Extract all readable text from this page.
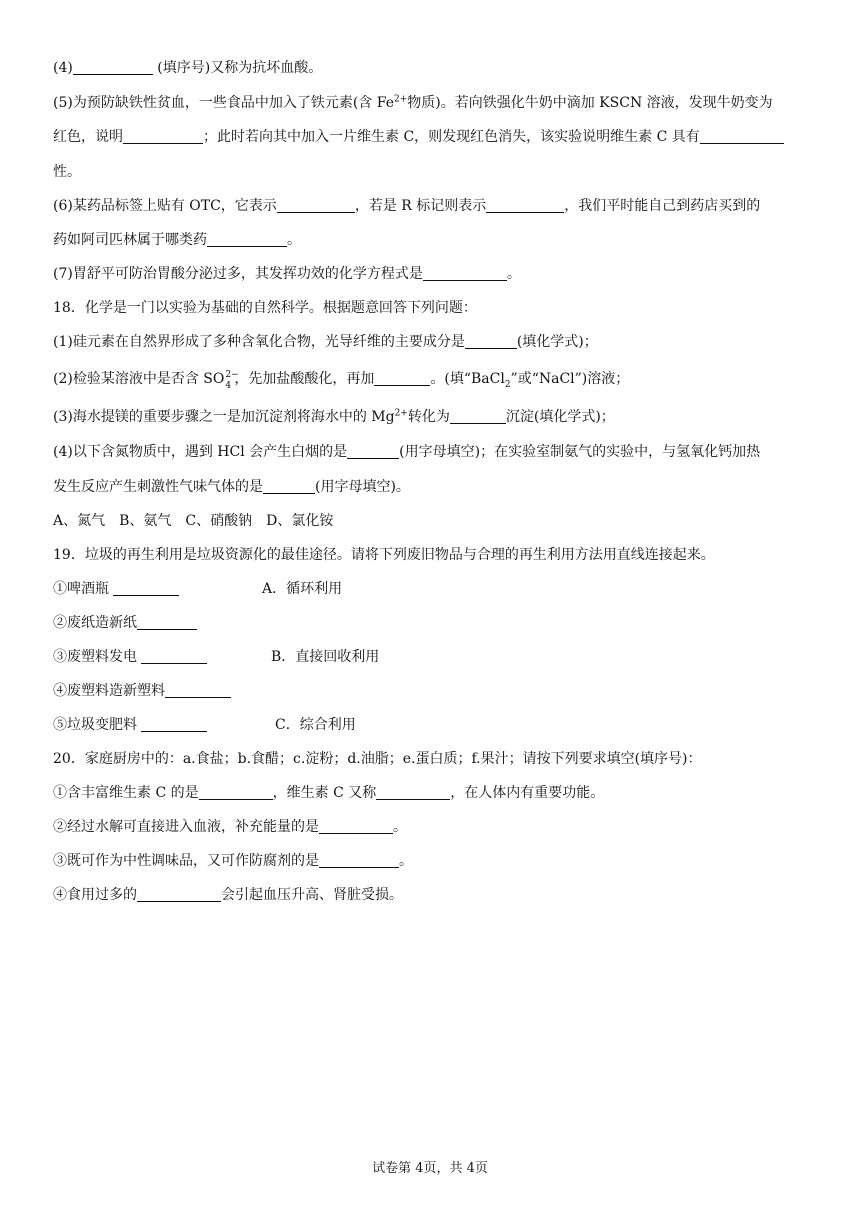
(4)	(填序号)又称为抗坏血酸。
(5)为预防缺铁性贫血，一些食品中加入了铁元素(含 $Fe^{2+}$物质)。若向铁强化牛奶中滴加 KSCN 溶液，发现牛奶变为
红色，说明	；此时若向其中加入一片维生素 C，则发现红色消失，该实验说明维生素 C 具有
性。
(6)某药品标签上贴有 OTC，它表示	，若是 R 标记则表示	，我们平时能自己到药店买到的
药如阿司匹林属于哪类药	。
(7)胃舒平可防治胃酸分泌过多，其发挥功效的化学方程式是	。
18．化学是一门以实验为基础的自然科学。根据题意回答下列问题：
(1)硅元素在自然界形成了多种含氧化合物，光导纤维的主要成分是	(填化学式)；
(2)检验某溶液中是否含 SO 2−
4 ，先加盐酸酸化，再加	。(填“BaCl$_2$”或“NaCl”)溶液；
(3)海水提镁的重要步骤之一是加沉淀剂将海水中的 $Mg^{2+}$转化为	沉淀(填化学式)；
(4)以下含氮物质中，遇到 HCl 会产生白烟的是	(用字母填空)；在实验室制氨气的实验中，与氢氧化钙加热
发生反应产生刺激性气味气体的是	(用字母填空)。
A、氮气　B、氨气　C、硝酸钠　D、氯化铵
19．垃圾的再生利用是垃圾资源化的最佳途径。请将下列废旧物品与合理的再生利用方法用直线连接起来。
①啤酒瓶	A．循环利用
②废纸造新纸
③废塑料发电	B．直接回收利用
④废塑料造新塑料
⑤垃圾变肥料	C．综合利用
20．家庭厨房中的：a.食盐；b.食醋；c.淀粉；d.油脂；e.蛋白质；f.果汁；请按下列要求填空(填序号)：
①含丰富维生素 C 的是	，维生素 C 又称	，在人体内有重要功能。
②经过水解可直接进入血液，补充能量的是	。
③既可作为中性调味品，又可作防腐剂的是	。
④食用过多的	会引起血压升高、肾脏受损。
试卷第 4页，共 4页
